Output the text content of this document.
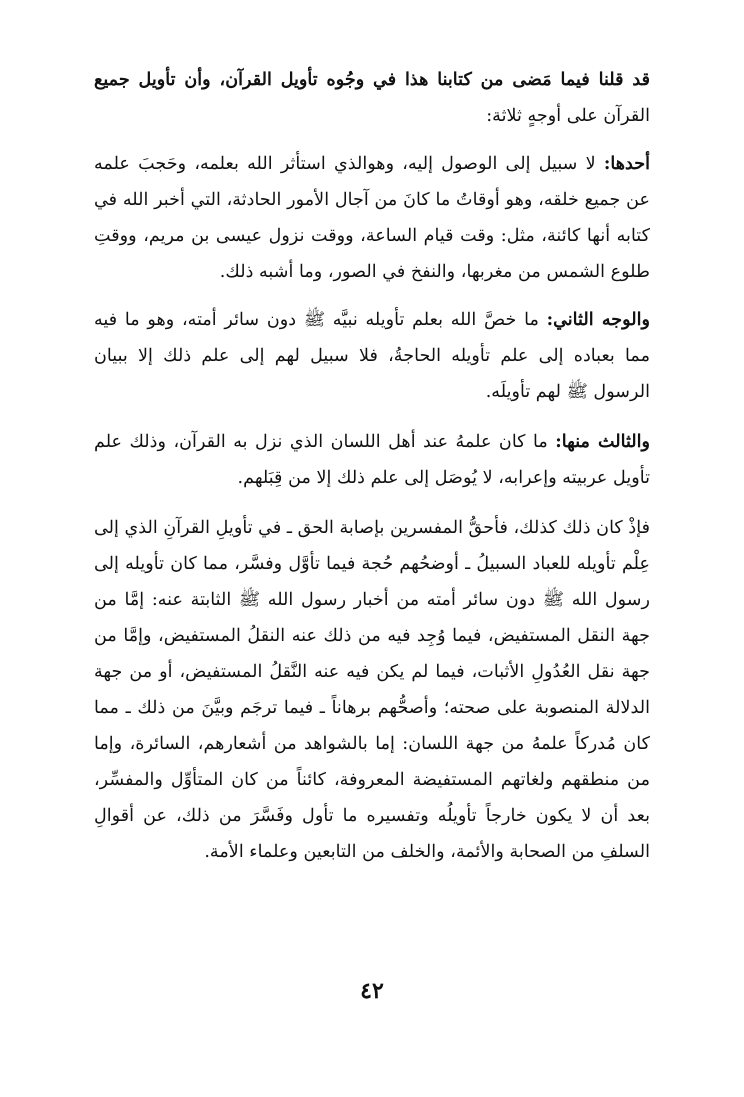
قد قلنا فيما مَضى من كتابنا هذا في وجُوه تأويل القرآن، وأن تأويل جميع القرآن على أوجهٍ ثلاثة:

أحدها: لا سبيل إلى الوصول إليه، وهوالذي استأثر الله بعلمه، وحَجبَ علمه عن جميع خلقه، وهو أوقاتُ ما كانَ من آجال الأمور الحادثة، التي أخبر الله في كتابه أنها كائنة، مثل: وقت قيام الساعة، ووقت نزول عيسى بن مريم، ووقتِ طلوع الشمس من مغربها، والنفخ في الصور، وما أشبه ذلك.

والوجه الثاني: ما خصَّ الله بعلم تأويله نبيَّه ﷺ دون سائر أمته، وهو ما فيه مما بعباده إلى علم تأويله الحاجةُ، فلا سبيل لهم إلى علم ذلك إلا ببيان الرسول ﷺ لهم تأويلَه.

والثالث منها: ما كان علمهُ عند أهل اللسان الذي نزل به القرآن، وذلك علم تأويل عربيته وإعرابه، لا يُوصَل إلى علم ذلك إلا من قِبَلهم.

فإذْ كان ذلك كذلك، فأحقُّ المفسرين بإصابة الحق ـ في تأويلِ القرآنِ الذي إلى عِلْم تأويله للعباد السبيلُ ـ أوضحُهم حُجة فيما تأوَّل وفسَّر، مما كان تأويله إلى رسول الله ﷺ دون سائر أمته من أخبار رسول الله ﷺ الثابتة عنه: إمَّا من جهة النقل المستفيض، فيما وُجِد فيه من ذلك عنه النقلُ المستفيض، وإمَّا من جهة نقل العُدُولِ الأثبات، فيما لم يكن فيه عنه النَّقلُ المستفيض، أو من جهة الدلالة المنصوبة على صحته؛ وأصحُّهم برهاناً ـ فيما ترجَم وبيَّنَ من ذلك ـ مما كان مُدركاً علمهُ من جهة اللسان: إما بالشواهد من أشعارهم، السائرة، وإما من منطقهم ولغاتهم المستفيضة المعروفة، كائناً من كان المتأوِّل والمفسِّر، بعد أن لا يكون خارجاً تأويلُه وتفسيره ما تأول وفَسَّرَ من ذلك، عن أقوالِ السلفِ من الصحابة والأئمة، والخلف من التابعين وعلماء الأمة.

٤٢
